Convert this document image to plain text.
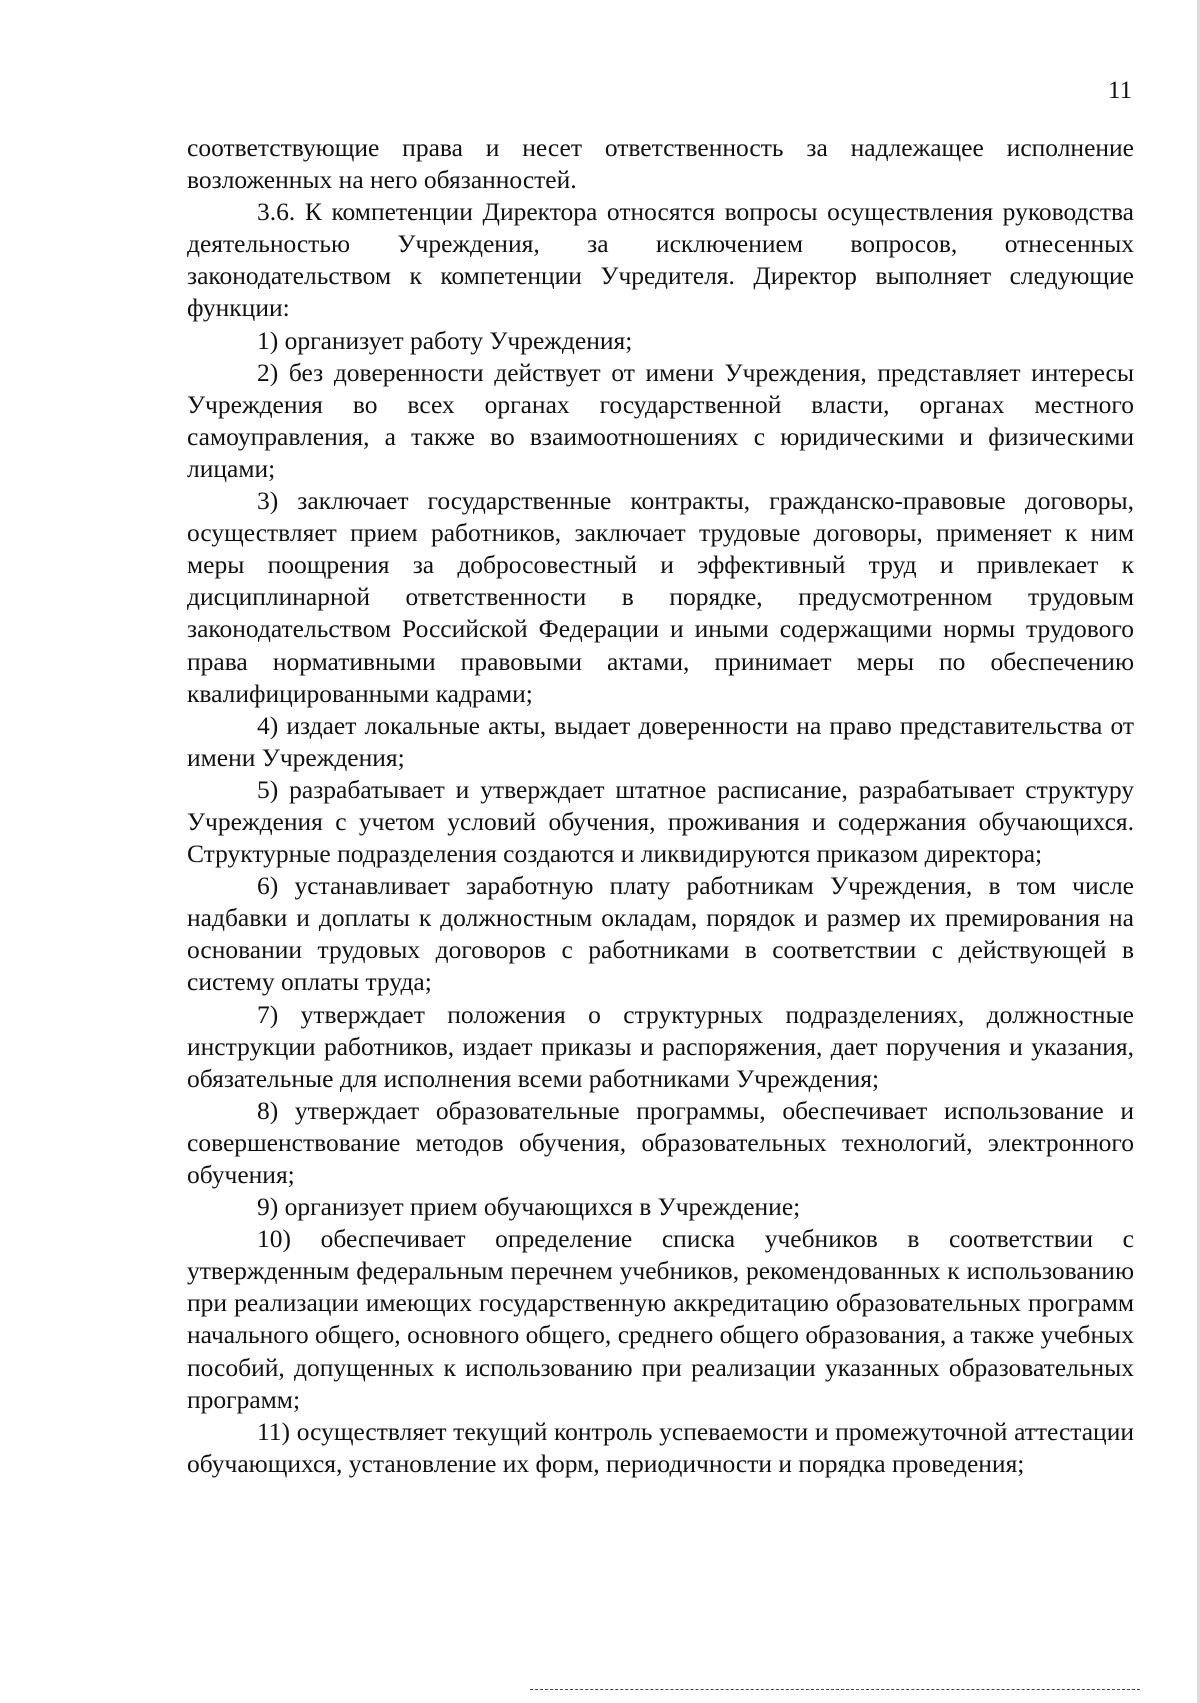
11

соответствующие права и несет ответственность за надлежащее исполнение возложенных на него обязанностей.

3.6. К компетенции Директора относятся вопросы осуществления руководства деятельностью Учреждения, за исключением вопросов, отнесенных законодательством к компетенции Учредителя. Директор выполняет следующие функции:

1) организует работу Учреждения;

2) без доверенности действует от имени Учреждения, представляет интересы Учреждения во всех органах государственной власти, органах местного самоуправления, а также во взаимоотношениях с юридическими и физическими лицами;

3) заключает государственные контракты, гражданско-правовые договоры, осуществляет прием работников, заключает трудовые договоры, применяет к ним меры поощрения за добросовестный и эффективный труд и привлекает к дисциплинарной ответственности в порядке, предусмотренном трудовым законодательством Российской Федерации и иными содержащими нормы трудового права нормативными правовыми актами, принимает меры по обеспечению квалифицированными кадрами;

4) издает локальные акты, выдает доверенности на право представительства от имени Учреждения;

5) разрабатывает и утверждает штатное расписание, разрабатывает структуру Учреждения с учетом условий обучения, проживания и содержания обучающихся. Структурные подразделения создаются и ликвидируются приказом директора;

6) устанавливает заработную плату работникам Учреждения, в том числе надбавки и доплаты к должностным окладам, порядок и размер их премирования на основании трудовых договоров с работниками в соответствии с действующей в систему оплаты труда;

7) утверждает положения о структурных подразделениях, должностные инструкции работников, издает приказы и распоряжения, дает поручения и указания, обязательные для исполнения всеми работниками Учреждения;

8) утверждает образовательные программы, обеспечивает использование и совершенствование методов обучения, образовательных технологий, электронного обучения;

9) организует прием обучающихся в Учреждение;

10) обеспечивает определение списка учебников в соответствии с утвержденным федеральным перечнем учебников, рекомендованных к использованию при реализации имеющих государственную аккредитацию образовательных программ начального общего, основного общего, среднего общего образования, а также учебных пособий, допущенных к использованию при реализации указанных образовательных программ;

11) осуществляет текущий контроль успеваемости и промежуточной аттестации обучающихся, установление их форм, периодичности и порядка проведения;
